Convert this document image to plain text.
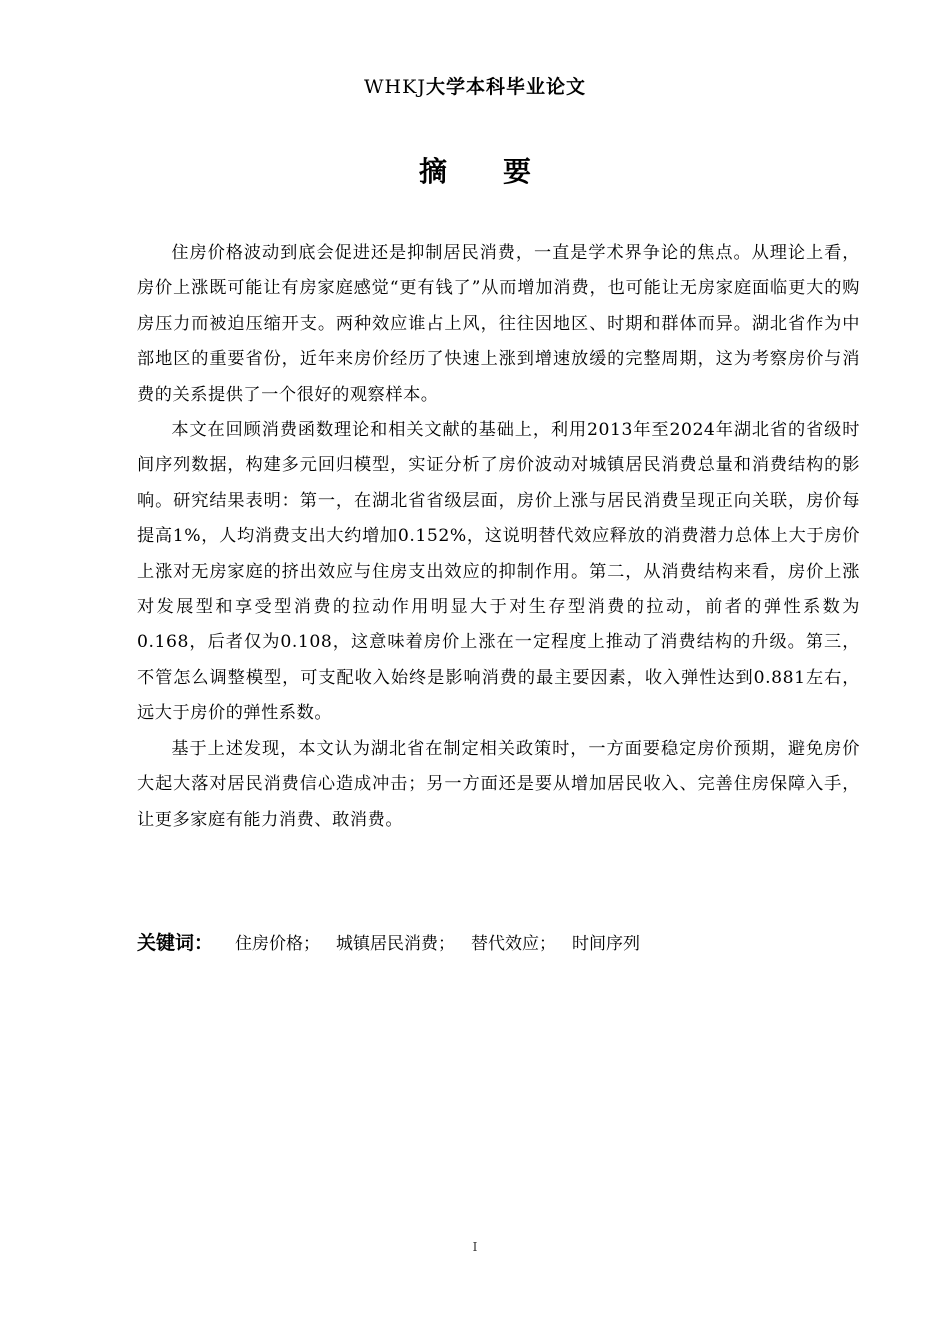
WHKJ大学本科毕业论文
摘要

住房价格波动到底会促进还是抑制居民消费，一直是学术界争论的焦点。从理论上看，房价上涨既可能让有房家庭感觉“更有钱了”从而增加消费，也可能让无房家庭面临更大的购房压力而被迫压缩开支。两种效应谁占上风，往往因地区、时期和群体而异。湖北省作为中部地区的重要省份，近年来房价经历了快速上涨到增速放缓的完整周期，这为考察房价与消费的关系提供了一个很好的观察样本。

本文在回顾消费函数理论和相关文献的基础上，利用2013年至2024年湖北省的省级时间序列数据，构建多元回归模型，实证分析了房价波动对城镇居民消费总量和消费结构的影响。研究结果表明：第一，在湖北省省级层面，房价上涨与居民消费呈现正向关联，房价每提高1%，人均消费支出大约增加0.152%，这说明替代效应释放的消费潜力总体上大于房价上涨对无房家庭的挤出效应与住房支出效应的抑制作用。第二，从消费结构来看，房价上涨对发展型和享受型消费的拉动作用明显大于对生存型消费的拉动，前者的弹性系数为0.168，后者仅为0.108，这意味着房价上涨在一定程度上推动了消费结构的升级。第三，不管怎么调整模型，可支配收入始终是影响消费的最主要因素，收入弹性达到0.881左右，远大于房价的弹性系数。

基于上述发现，本文认为湖北省在制定相关政策时，一方面要稳定房价预期，避免房价大起大落对居民消费信心造成冲击；另一方面还是要从增加居民收入、完善住房保障入手，让更多家庭有能力消费、敢消费。

关键词： 住房价格； 城镇居民消费； 替代效应； 时间序列
I
